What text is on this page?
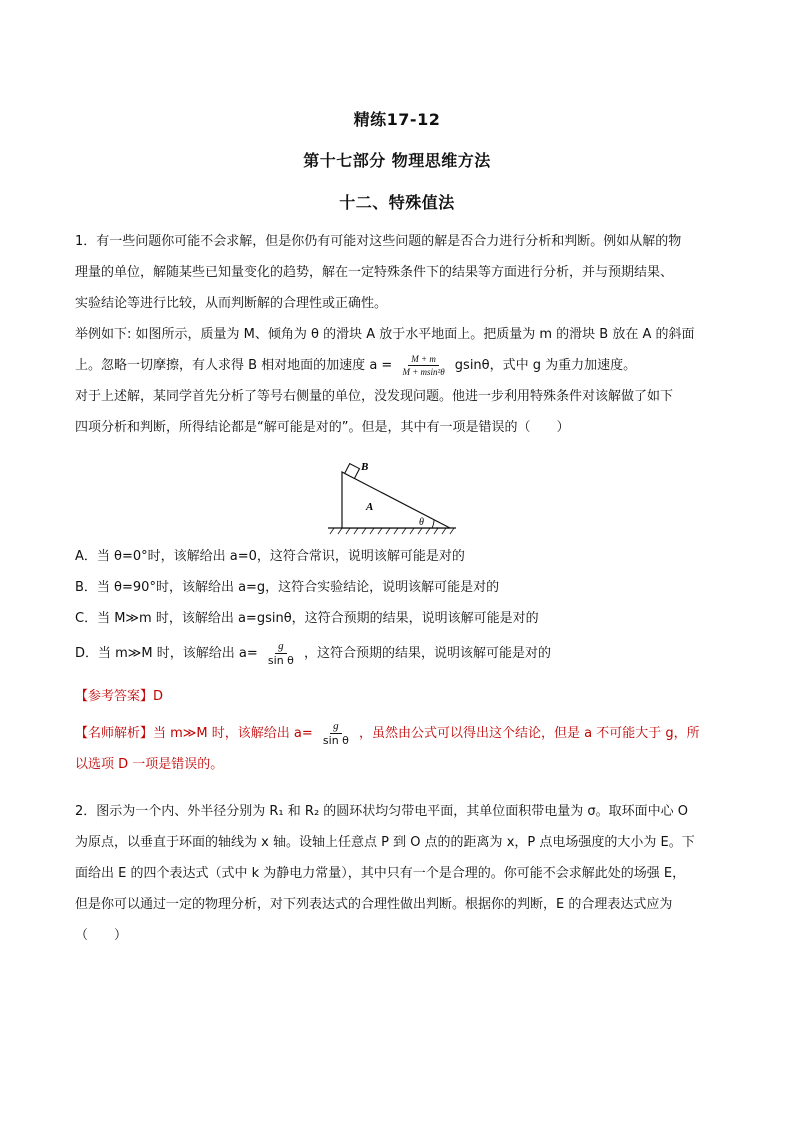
精练17-12
第十七部分 物理思维方法
十二、特殊值法
1．有一些问题你可能不会求解，但是你仍有可能对这些问题的解是否合力进行分析和判断。例如从解的物
理量的单位，解随某些已知量变化的趋势，解在一定特殊条件下的结果等方面进行分析，并与预期结果、
实验结论等进行比较，从而判断解的合理性或正确性。
举例如下: 如图所示，质量为 M、倾角为 θ 的滑块 A 放于水平地面上。把质量为 m 的滑块 B 放在 A 的斜面
上。忽略一切摩擦，有人求得 B 相对地面的加速度 $a = \frac{M + m}{\text{M + msin²θ}}$ gsinθ，式中 g 为重力加速度。
对于上述解，某同学首先分析了等号右侧量的单位，没发现问题。他进一步利用特殊条件对该解做了如下
四项分析和判断，所得结论都是“解可能是对的”。但是，其中有一项是错误的（　　）
B
A
θ
A．当 θ=0°时，该解给出 a=0，这符合常识，说明该解可能是对的
B．当 θ=90°时，该解给出 a=g，这符合实验结论，说明该解可能是对的
C．当 M≫m 时，该解给出 a=gsinθ，这符合预期的结果，说明该解可能是对的
D．当 m≫M 时，该解给出 $a= \frac{g}{\text{sin θ}}$ ，这符合预期的结果，说明该解可能是对的
【参考答案】D
【名师解析】当 m≫M 时，该解给出 $a= \frac{g}{\text{sin θ}}$ ，虽然由公式可以得出这个结论，但是 a 不可能大于 g，所
以选项 D 一项是错误的。
2．图示为一个内、外半径分别为 R₁ 和 R₂ 的圆环状均匀带电平面，其单位面积带电量为 σ。取环面中心 O
为原点，以垂直于环面的轴线为 x 轴。设轴上任意点 P 到 O 点的的距离为 x，P 点电场强度的大小为 E。下
面给出 E 的四个表达式（式中 k 为静电力常量），其中只有一个是合理的。你可能不会求解此处的场强 E，
但是你可以通过一定的物理分析，对下列表达式的合理性做出判断。根据你的判断，E 的合理表达式应为
（　　）
